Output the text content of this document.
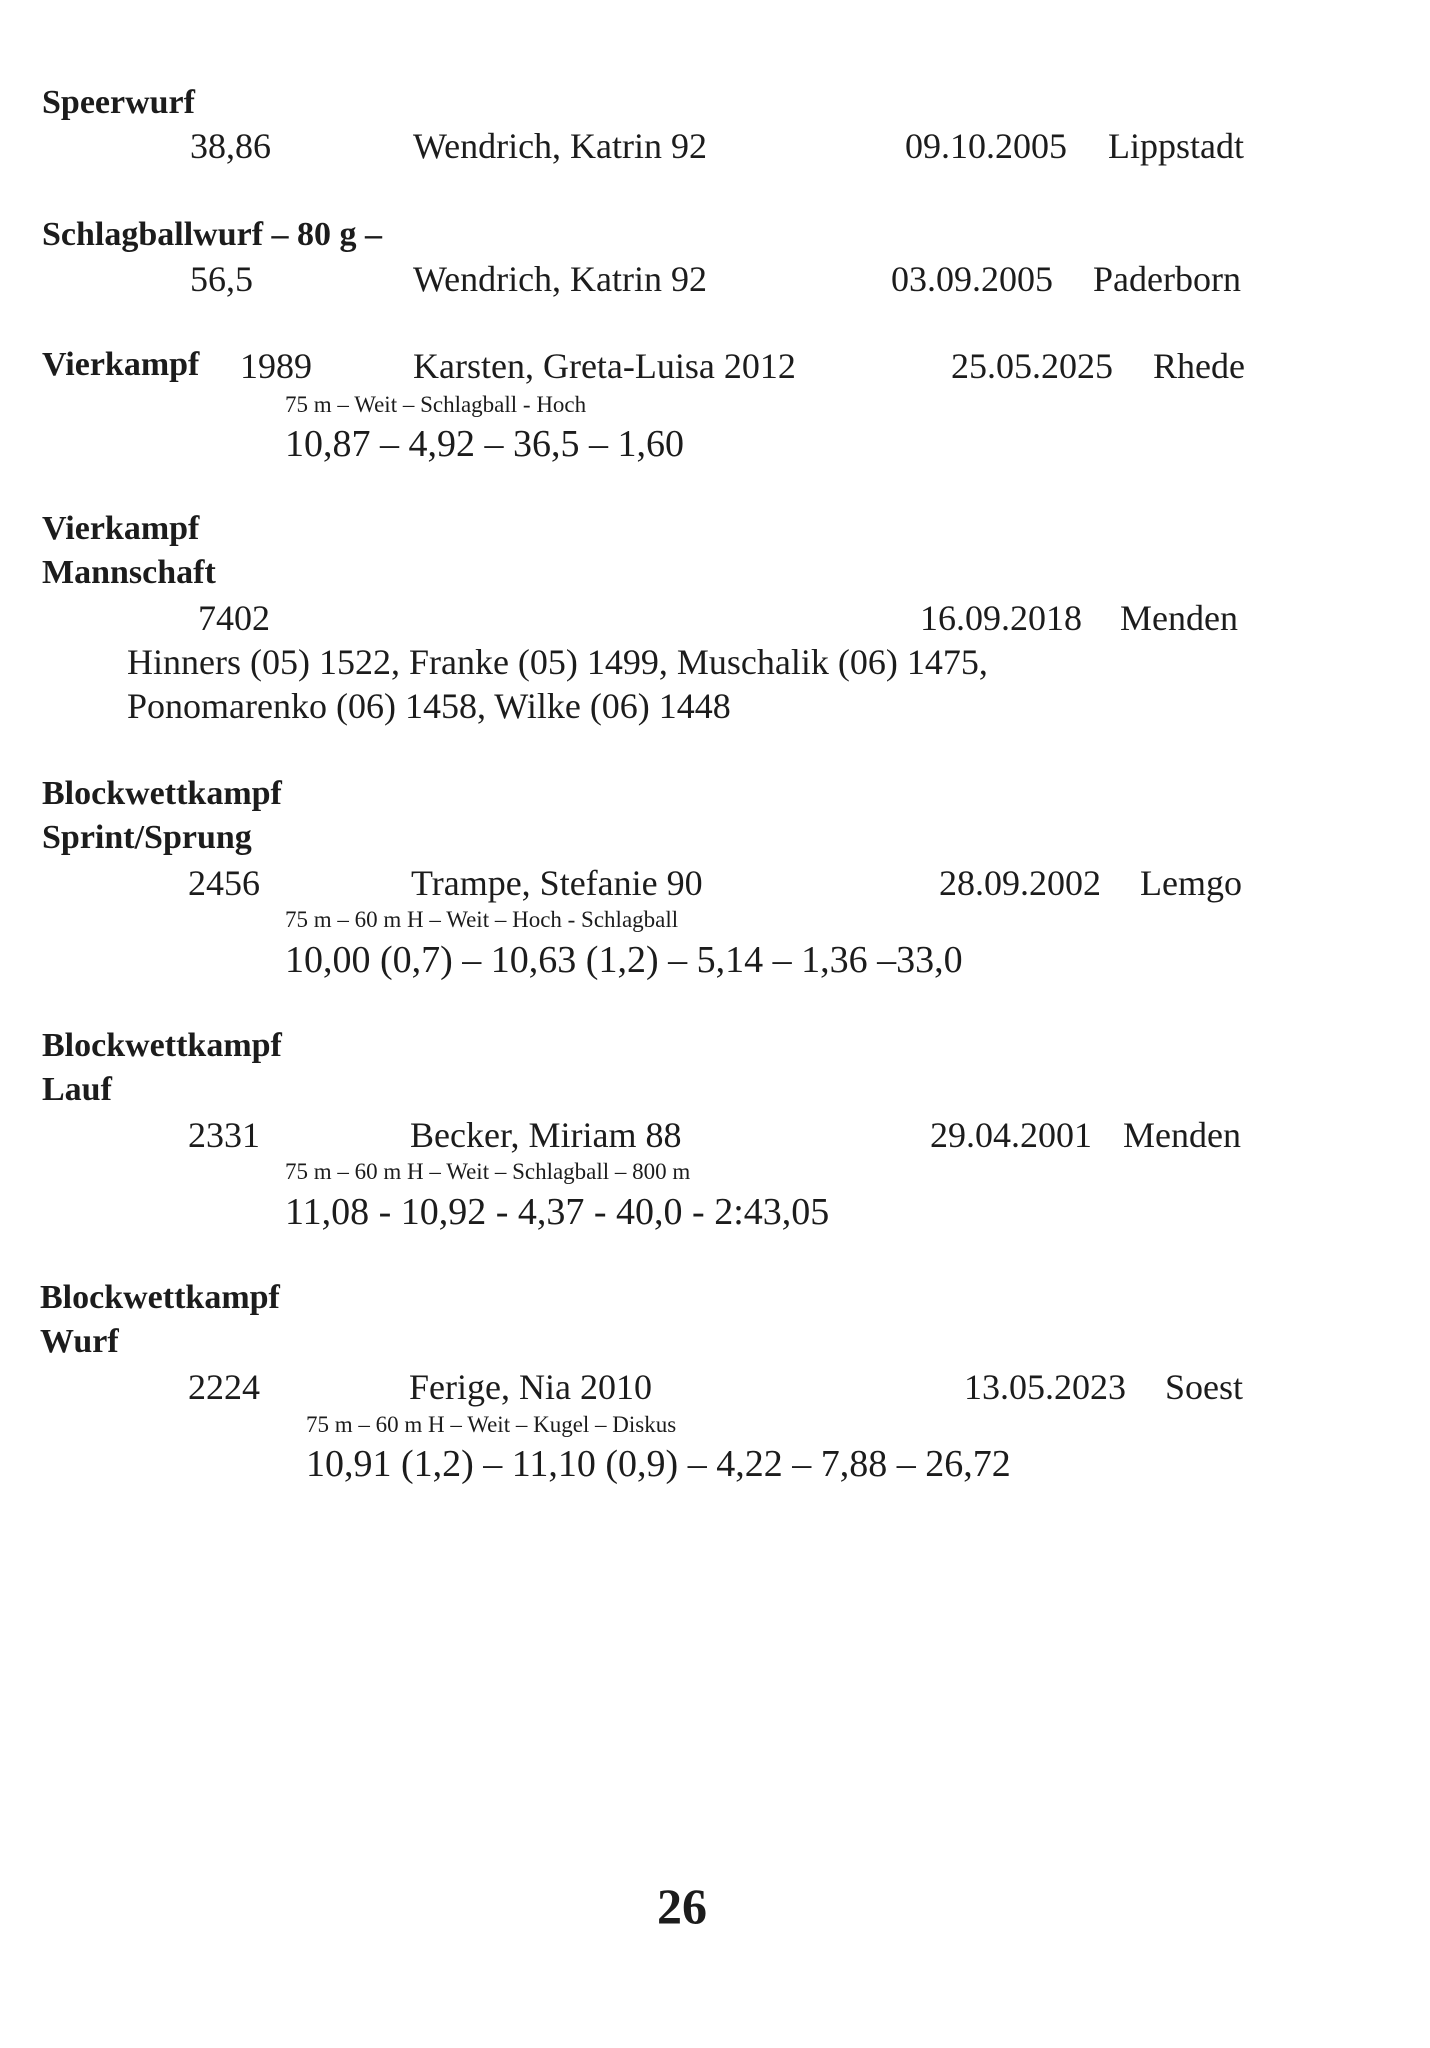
Speerwurf
38,86	Wendrich, Katrin 92	09.10.2005 Lippstadt
Schlagballwurf – 80 g –
56,5	Wendrich, Katrin 92	03.09.2005 Paderborn
Vierkampf 1989	Karsten, Greta-Luisa 2012	25.05.2025 Rhede
75 m – Weit – Schlagball - Hoch
10,87 – 4,92 – 36,5 – 1,60
Vierkampf
Mannschaft
7402	16.09.2018 Menden
Hinners (05) 1522, Franke (05) 1499, Muschalik (06) 1475,
Ponomarenko (06) 1458, Wilke (06) 1448
Blockwettkampf
Sprint/Sprung
2456	Trampe, Stefanie 90	28.09.2002 Lemgo
75 m – 60 m H – Weit – Hoch - Schlagball
10,00 (0,7) – 10,63 (1,2) – 5,14 – 1,36 –33,0
Blockwettkampf
Lauf
2331	Becker, Miriam 88	29.04.2001 Menden
75 m – 60 m H – Weit – Schlagball – 800 m
11,08 - 10,92 - 4,37 - 40,0 - 2:43,05
Blockwettkampf
Wurf
2224	Ferige, Nia 2010	13.05.2023 Soest
75 m – 60 m H – Weit – Kugel – Diskus
10,91 (1,2) – 11,10 (0,9) – 4,22 – 7,88 – 26,72
26
